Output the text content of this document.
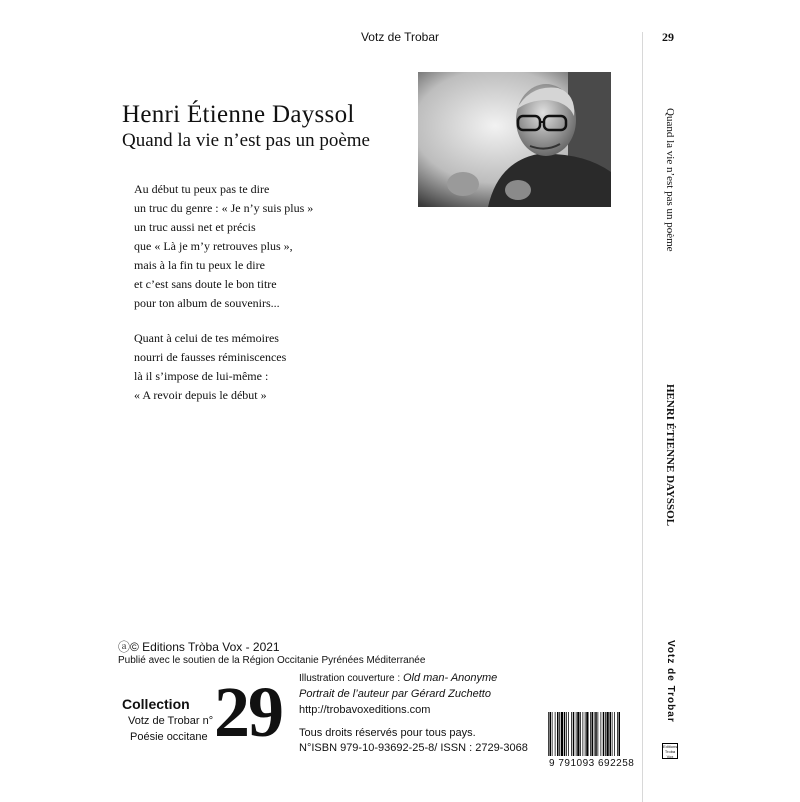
Votz de Trobar	29
Henri Étienne Dayssol
Quand la vie n’est pas un poème

Au début tu peux pas te dire

un truc du genre : « Je n’y suis plus »

un truc aussi net et précis

que « Là je m’y retrouves plus »,

mais à la fin tu peux le dire

et c’est sans doute le bon titre

pour ton album de souvenirs...

Quant à celui de tes mémoires

nourri de fausses réminiscences

là il s’impose de lui-même :

« A revoir depuis le début »

Quand la vie n’est pas un poème
HENRI ÉTIENNE DAYSSOL
Votz de Trobar
Editions Troba Vox
ⓐ© Editions Tròba Vox - 2021
Publié avec le soutien de la Région Occitanie Pyrénées Méditerranée
Collection
Votz de Trobar n°
Poésie occitane 29 Illustration couverture : Old man- Anonyme
Portrait de l’auteur par Gérard Zuchetto
http://trobavoxeditions.com
Tous droits réservés pour tous pays.
N°ISBN 979-10-93692-25-8/ ISSN : 2729-3068
9 791093 692258
